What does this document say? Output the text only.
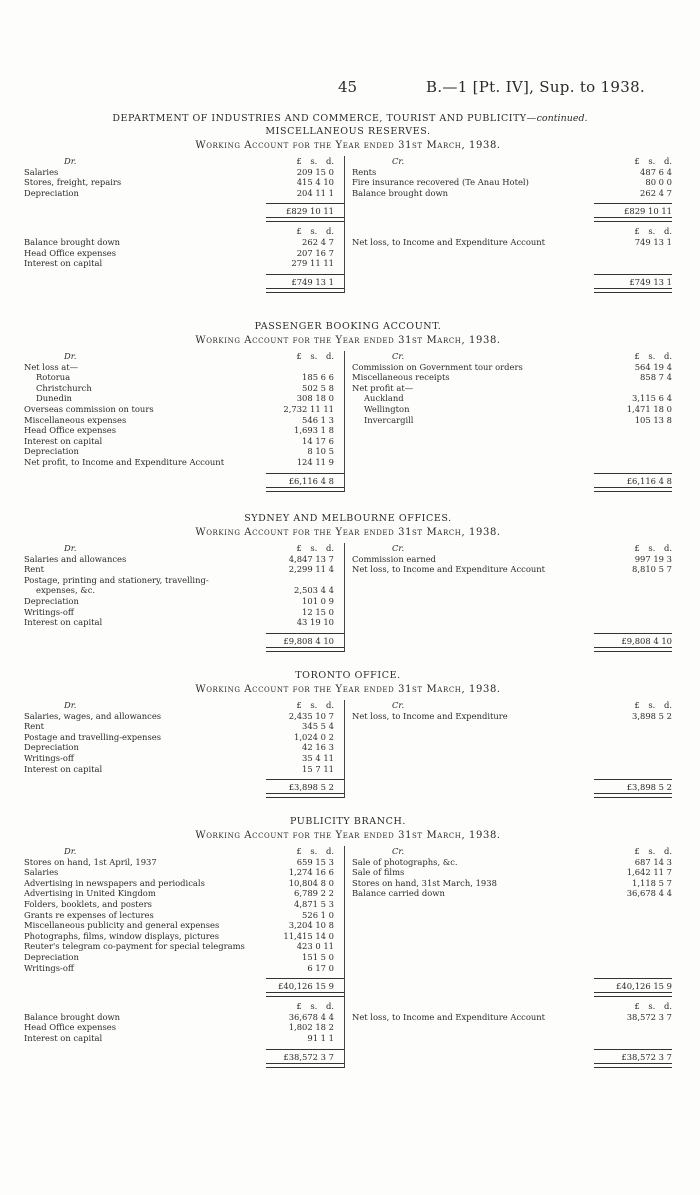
45	B.—1 [Pt. IV], Sup. to 1938.
DEPARTMENT OF INDUSTRIES AND COMMERCE, TOURIST AND PUBLICITY—continued.
MISCELLANEOUS RESERVES.
Working Account for the Year ended 31st March, 1938.
Dr.	£ s. d.
Salaries	209 15 0
Stores, freight, repairs	415 4 10
Depreciation	204 11 1
Cr.	£ s. d.
Rents	487 6 4
Fire insurance recovered (Te Anau Hotel)	80 0 0
Balance brought down	262 4 7
£829 10 11	£829 10 11
£ s. d.
Balance brought down	262 4 7
Head Office expenses	207 16 7
Interest on capital	279 11 11
£ s. d.
Net loss, to Income and Expenditure Account	749 13 1
£749 13 1	£749 13 1
PASSENGER BOOKING ACCOUNT.
Working Account for the Year ended 31st March, 1938.
Dr.	£ s. d.
Net loss at—
Rotorua	185 6 6
Christchurch	502 5 8
Dunedin	308 18 0
Overseas commission on tours	2,732 11 11
Miscellaneous expenses	546 1 3
Head Office expenses	1,693 1 8
Interest on capital	14 17 6
Depreciation	8 10 5
Net profit, to Income and Expenditure Account	124 11 9
Cr.	£ s. d.
Commission on Government tour orders	564 19 4
Miscellaneous receipts	858 7 4
Net profit at—
Auckland	3,115 6 4
Wellington	1,471 18 0
Invercargill	105 13 8
£6,116 4 8	£6,116 4 8
SYDNEY AND MELBOURNE OFFICES.
Working Account for the Year ended 31st March, 1938.
Dr.	£ s. d.
Salaries and allowances	4,847 13 7
Rent	2,299 11 4
Postage, printing and stationery, travelling-
expenses, &c.	2,503 4 4
Depreciation	101 0 9
Writings-off	12 15 0
Interest on capital	43 19 10
Cr.	£ s. d.
Commission earned	997 19 3
Net loss, to Income and Expenditure Account	8,810 5 7
£9,808 4 10	£9,808 4 10
TORONTO OFFICE.
Working Account for the Year ended 31st March, 1938.
Dr.	£ s. d.
Salaries, wages, and allowances	2,435 10 7
Rent	345 5 4
Postage and travelling-expenses	1,024 0 2
Depreciation	42 16 3
Writings-off	35 4 11
Interest on capital	15 7 11
Cr.	£ s. d.
Net loss, to Income and Expenditure	3,898 5 2
£3,898 5 2	£3,898 5 2
PUBLICITY BRANCH.
Working Account for the Year ended 31st March, 1938.
Dr.	£ s. d.
Stores on hand, 1st April, 1937	659 15 3
Salaries	1,274 16 6
Advertising in newspapers and periodicals	10,804 8 0
Advertising in United Kingdom	6,789 2 2
Folders, booklets, and posters	4,871 5 3
Grants re expenses of lectures	526 1 0
Miscellaneous publicity and general expenses	3,204 10 8
Photographs, films, window displays, pictures	11,415 14 0
Reuter's telegram co-payment for special telegrams	423 0 11
Depreciation	151 5 0
Writings-off	6 17 0
Cr.	£ s. d.
Sale of photographs, &c.	687 14 3
Sale of films	1,642 11 7
Stores on hand, 31st March, 1938	1,118 5 7
Balance carried down	36,678 4 4
£40,126 15 9	£40,126 15 9
£ s. d.
Balance brought down	36,678 4 4
Head Office expenses	1,802 18 2
Interest on capital	91 1 1
£ s. d.
Net loss, to Income and Expenditure Account	38,572 3 7
£38,572 3 7	£38,572 3 7
